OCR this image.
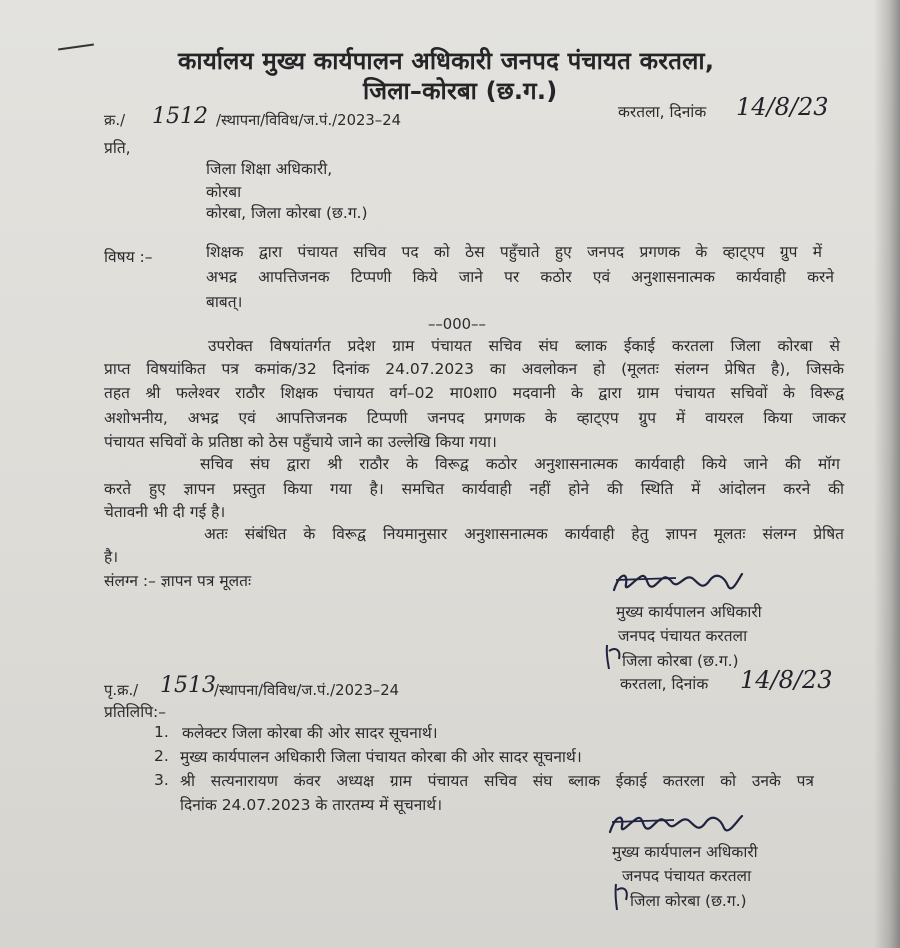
कार्यालय मुख्य कार्यपालन अधिकारी जनपद पंचायत करतला,
जिला–कोरबा (छ.ग.)
क्र./ 1512 /स्थापना/विविध/ज.पं./2023–24	करतला, दिनांक 14/8/23
प्रति,
जिला शिक्षा अधिकारी,
कोरबा
कोरबा, जिला कोरबा (छ.ग.)
विषय :–	शिक्षक द्वारा पंचायत सचिव पद को ठेस पहुँचाते हुए जनपद प्रगणक के व्हाट्एप ग्रुप में
अभद्र आपत्तिजनक टिप्पणी किये जाने पर कठोर एवं अनुशासनात्मक कार्यवाही करने
बाबत्।
––000––
उपरोक्त विषयांतर्गत प्रदेश ग्राम पंचायत सचिव संघ ब्लाक ईकाई करतला जिला कोरबा से
प्राप्त विषयांकित पत्र कमांक/32 दिनांक 24.07.2023 का अवलोकन हो (मूलतः संलग्न प्रेषित है), जिसके
तहत श्री फलेश्वर राठौर शिक्षक पंचायत वर्ग–02 मा0शा0 मदवानी के द्वारा ग्राम पंचायत सचिवों के विरूद्व
अशोभनीय, अभद्र एवं आपत्तिजनक टिप्पणी जनपद प्रगणक के व्हाट्एप ग्रुप में वायरल किया जाकर
पंचायत सचिवों के प्रतिष्ठा को ठेस पहुँचाये जाने का उल्लेखि किया गया।
सचिव संघ द्वारा श्री राठौर के विरूद्व कठोर अनुशासनात्मक कार्यवाही किये जाने की मॉग
करते हुए ज्ञापन प्रस्तुत किया गया है। समचित कार्यवाही नहीं होने की स्थिति में आंदोलन करने की
चेतावनी भी दी गई है।
अतः संबंधित के विरूद्व नियमानुसार अनुशासनात्मक कार्यवाही हेतु ज्ञापन मूलतः संलग्न प्रेषित
है।
संलग्न :– ज्ञापन पत्र मूलतः
मुख्य कार्यपालन अधिकारी
जनपद पंचायत करतला
जिला कोरबा (छ.ग.)
पृ.क्र./ 1513
/स्थापना/विविध/ज.पं./2023–24	करतला, दिनांक 14/8/23
प्रतिलिपि:–
1. कलेक्टर जिला कोरबा की ओर सादर सूचनार्थ।
2. मुख्य कार्यपालन अधिकारी जिला पंचायत कोरबा की ओर सादर सूचनार्थ।
3. श्री सत्यनारायण कंवर अध्यक्ष ग्राम पंचायत सचिव संघ ब्लाक ईकाई कतरला को उनके पत्र
दिनांक 24.07.2023 के तारतम्य में सूचनार्थ।
मुख्य कार्यपालन अधिकारी
जनपद पंचायत करतला
जिला कोरबा (छ.ग.)
